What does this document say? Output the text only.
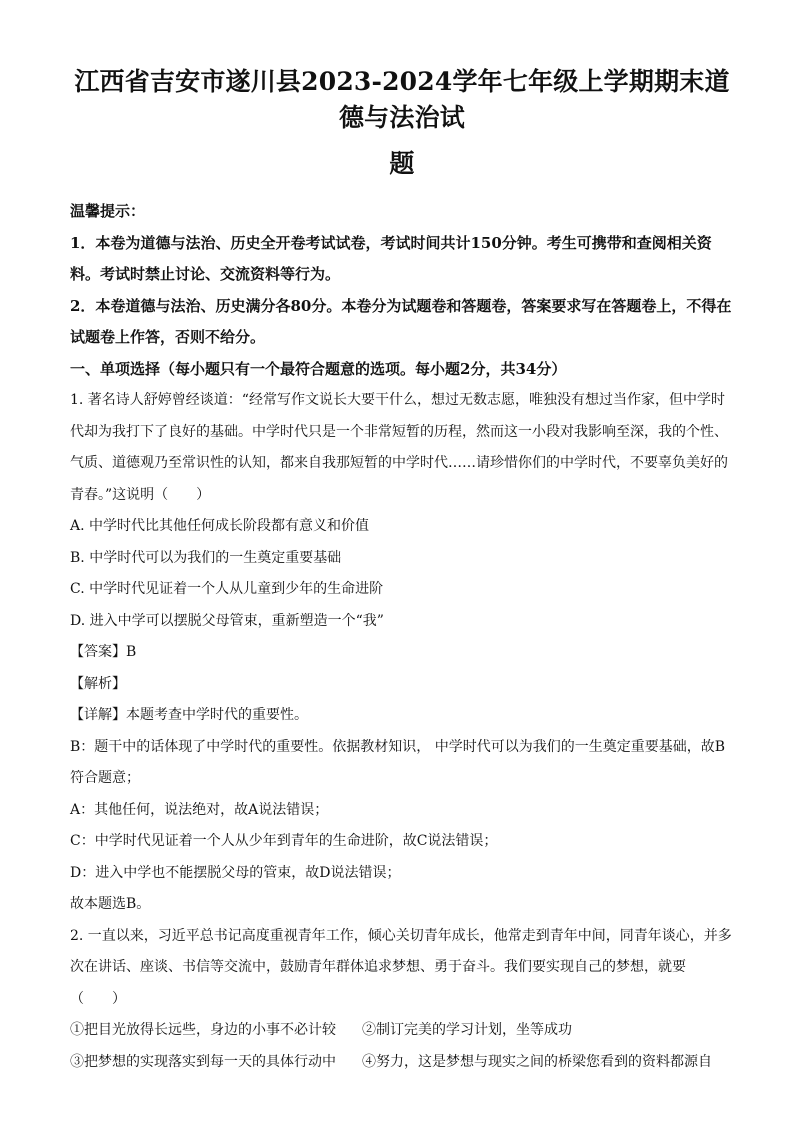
江西省吉安市遂川县2023-2024学年七年级上学期期末道德与法治试
题

温馨提示：

1．本卷为道德与法治、历史全开卷考试试卷，考试时间共计150分钟。考生可携带和查阅相关资料。考试时禁止讨论、交流资料等行为。

2．本卷道德与法治、历史满分各80分。本卷分为试题卷和答题卷，答案要求写在答题卷上，不得在试题卷上作答，否则不给分。

一、单项选择（每小题只有一个最符合题意的选项。每小题2分，共34分）

1. 著名诗人舒婷曾经谈道：“经常写作文说长大要干什么，想过无数志愿，唯独没有想过当作家，但中学时代却为我打下了良好的基础。中学时代只是一个非常短暂的历程，然而这一小段对我影响至深，我的个性、气质、道德观乃至常识性的认知，都来自我那短暂的中学时代……请珍惜你们的中学时代，不要辜负美好的青春。”这说明（　　）

A. 中学时代比其他任何成长阶段都有意义和价值

B. 中学时代可以为我们的一生奠定重要基础

C. 中学时代见证着一个人从儿童到少年的生命进阶

D. 进入中学可以摆脱父母管束，重新塑造一个“我”

【答案】B

【解析】

【详解】本题考查中学时代的重要性。

B：题干中的话体现了中学时代的重要性。依据教材知识， 中学时代可以为我们的一生奠定重要基础，故B符合题意；

A：其他任何，说法绝对，故A说法错误；

C：中学时代见证着一个人从少年到青年的生命进阶，故C说法错误；

D：进入中学也不能摆脱父母的管束，故D说法错误；

故本题选B。

2. 一直以来，习近平总书记高度重视青年工作，倾心关切青年成长，他常走到青年中间，同青年谈心，并多次在讲话、座谈、书信等交流中，鼓励青年群体追求梦想、勇于奋斗。我们要实现自己的梦想，就要（　　）

①把目光放得长远些，身边的小事不必计较	②制订完美的学习计划，坐等成功
③把梦想的实现落实到每一天的具体行动中	④努力，这是梦想与现实之间的桥梁您看到的资料都源自
